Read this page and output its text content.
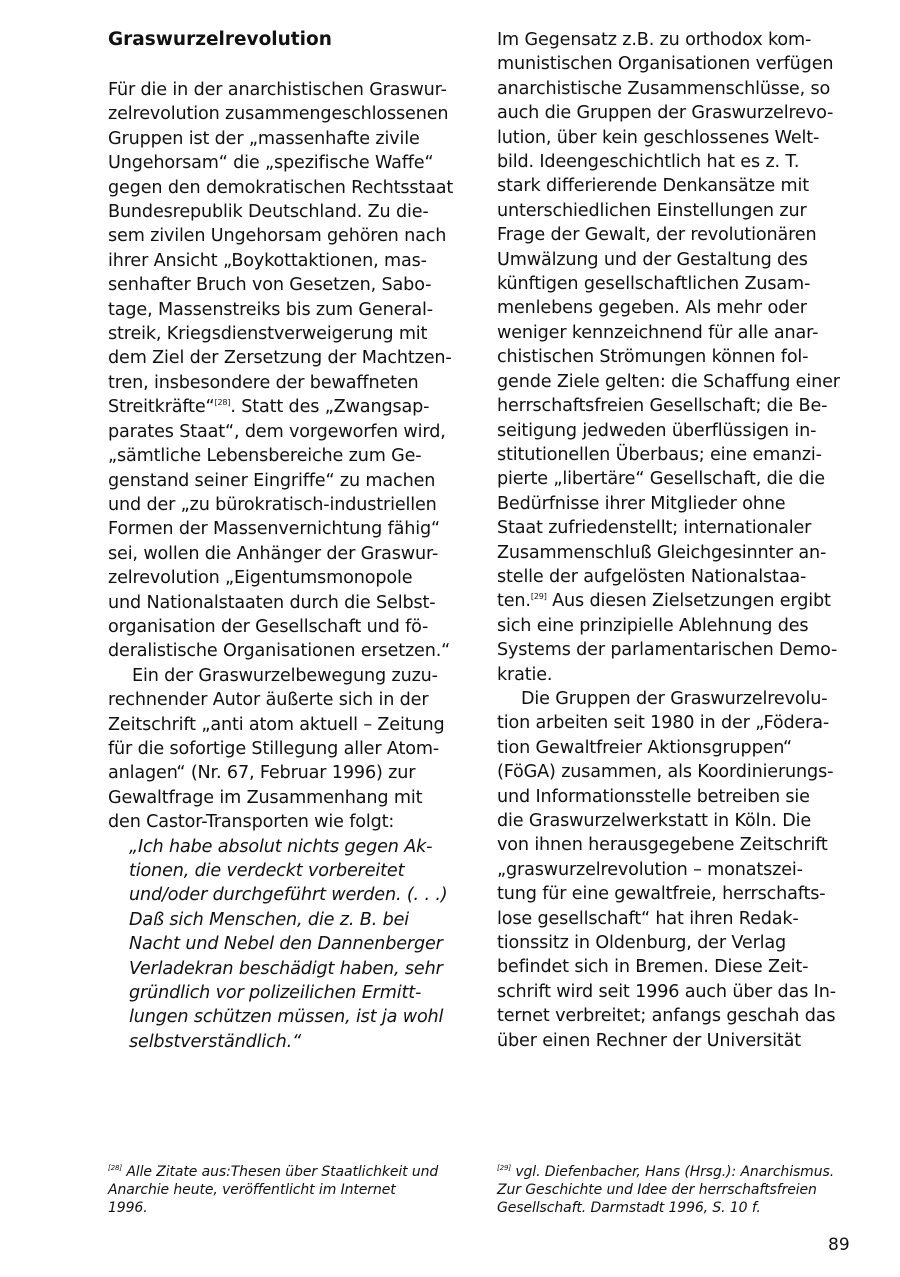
Graswurzelrevolution
Für die in der anarchistischen Graswur-
zelrevolution zusammengeschlossenen
Gruppen ist der „massenhafte zivile
Ungehorsam“ die „spezifische Waffe“
gegen den demokratischen Rechtsstaat
Bundesrepublik Deutschland. Zu die-
sem zivilen Ungehorsam gehören nach
ihrer Ansicht „Boykottaktionen, mas-
senhafter Bruch von Gesetzen, Sabo-
tage, Massenstreiks bis zum General-
streik, Kriegsdienstverweigerung mit
dem Ziel der Zersetzung der Machtzen-
tren, insbesondere der bewaffneten
Streitkräfte“[28]. Statt des „Zwangsap-
parates Staat“, dem vorgeworfen wird,
„sämtliche Lebensbereiche zum Ge-
genstand seiner Eingriffe“ zu machen
und der „zu bürokratisch-industriellen
Formen der Massenvernichtung fähig“
sei, wollen die Anhänger der Graswur-
zelrevolution „Eigentumsmonopole
und Nationalstaaten durch die Selbst-
organisation der Gesellschaft und fö-
deralistische Organisationen ersetzen.“
Ein der Graswurzelbewegung zuzu-
rechnender Autor äußerte sich in der
Zeitschrift „anti atom aktuell – Zeitung
für die sofortige Stillegung aller Atom-
anlagen“ (Nr. 67, Februar 1996) zur
Gewaltfrage im Zusammenhang mit
den Castor-Transporten wie folgt:
„Ich habe absolut nichts gegen Ak-
tionen, die verdeckt vorbereitet
und/oder durchgeführt werden. (. . .)
Daß sich Menschen, die z. B. bei
Nacht und Nebel den Dannenberger
Verladekran beschädigt haben, sehr
gründlich vor polizeilichen Ermitt-
lungen schützen müssen, ist ja wohl
selbstverständlich.“
Im Gegensatz z.B. zu orthodox kom-
munistischen Organisationen verfügen
anarchistische Zusammenschlüsse, so
auch die Gruppen der Graswurzelrevo-
lution, über kein geschlossenes Welt-
bild. Ideengeschichtlich hat es z. T.
stark differierende Denkansätze mit
unterschiedlichen Einstellungen zur
Frage der Gewalt, der revolutionären
Umwälzung und der Gestaltung des
künftigen gesellschaftlichen Zusam-
menlebens gegeben. Als mehr oder
weniger kennzeichnend für alle anar-
chistischen Strömungen können fol-
gende Ziele gelten: die Schaffung einer
herrschaftsfreien Gesellschaft; die Be-
seitigung jedweden überflüssigen in-
stitutionellen Überbaus; eine emanzi-
pierte „libertäre“ Gesellschaft, die die
Bedürfnisse ihrer Mitglieder ohne
Staat zufriedenstellt; internationaler
Zusammenschluß Gleichgesinnter an-
stelle der aufgelösten Nationalstaa-
ten.[29] Aus diesen Zielsetzungen ergibt
sich eine prinzipielle Ablehnung des
Systems der parlamentarischen Demo-
kratie.
Die Gruppen der Graswurzelrevolu-
tion arbeiten seit 1980 in der „Födera-
tion Gewaltfreier Aktionsgruppen“
(FöGA) zusammen, als Koordinierungs-
und Informationsstelle betreiben sie
die Graswurzelwerkstatt in Köln. Die
von ihnen herausgegebene Zeitschrift
„graswurzelrevolution – monatszei-
tung für eine gewaltfreie, herrschafts-
lose gesellschaft“ hat ihren Redak-
tionssitz in Oldenburg, der Verlag
befindet sich in Bremen. Diese Zeit-
schrift wird seit 1996 auch über das In-
ternet verbreitet; anfangs geschah das
über einen Rechner der Universität
[28] Alle Zitate aus:Thesen über Staatlichkeit und
Anarchie heute, veröffentlicht im Internet
1996.
[29] vgl. Diefenbacher, Hans (Hrsg.): Anarchismus.
Zur Geschichte und Idee der herrschaftsfreien
Gesellschaft. Darmstadt 1996, S. 10 f.
89
